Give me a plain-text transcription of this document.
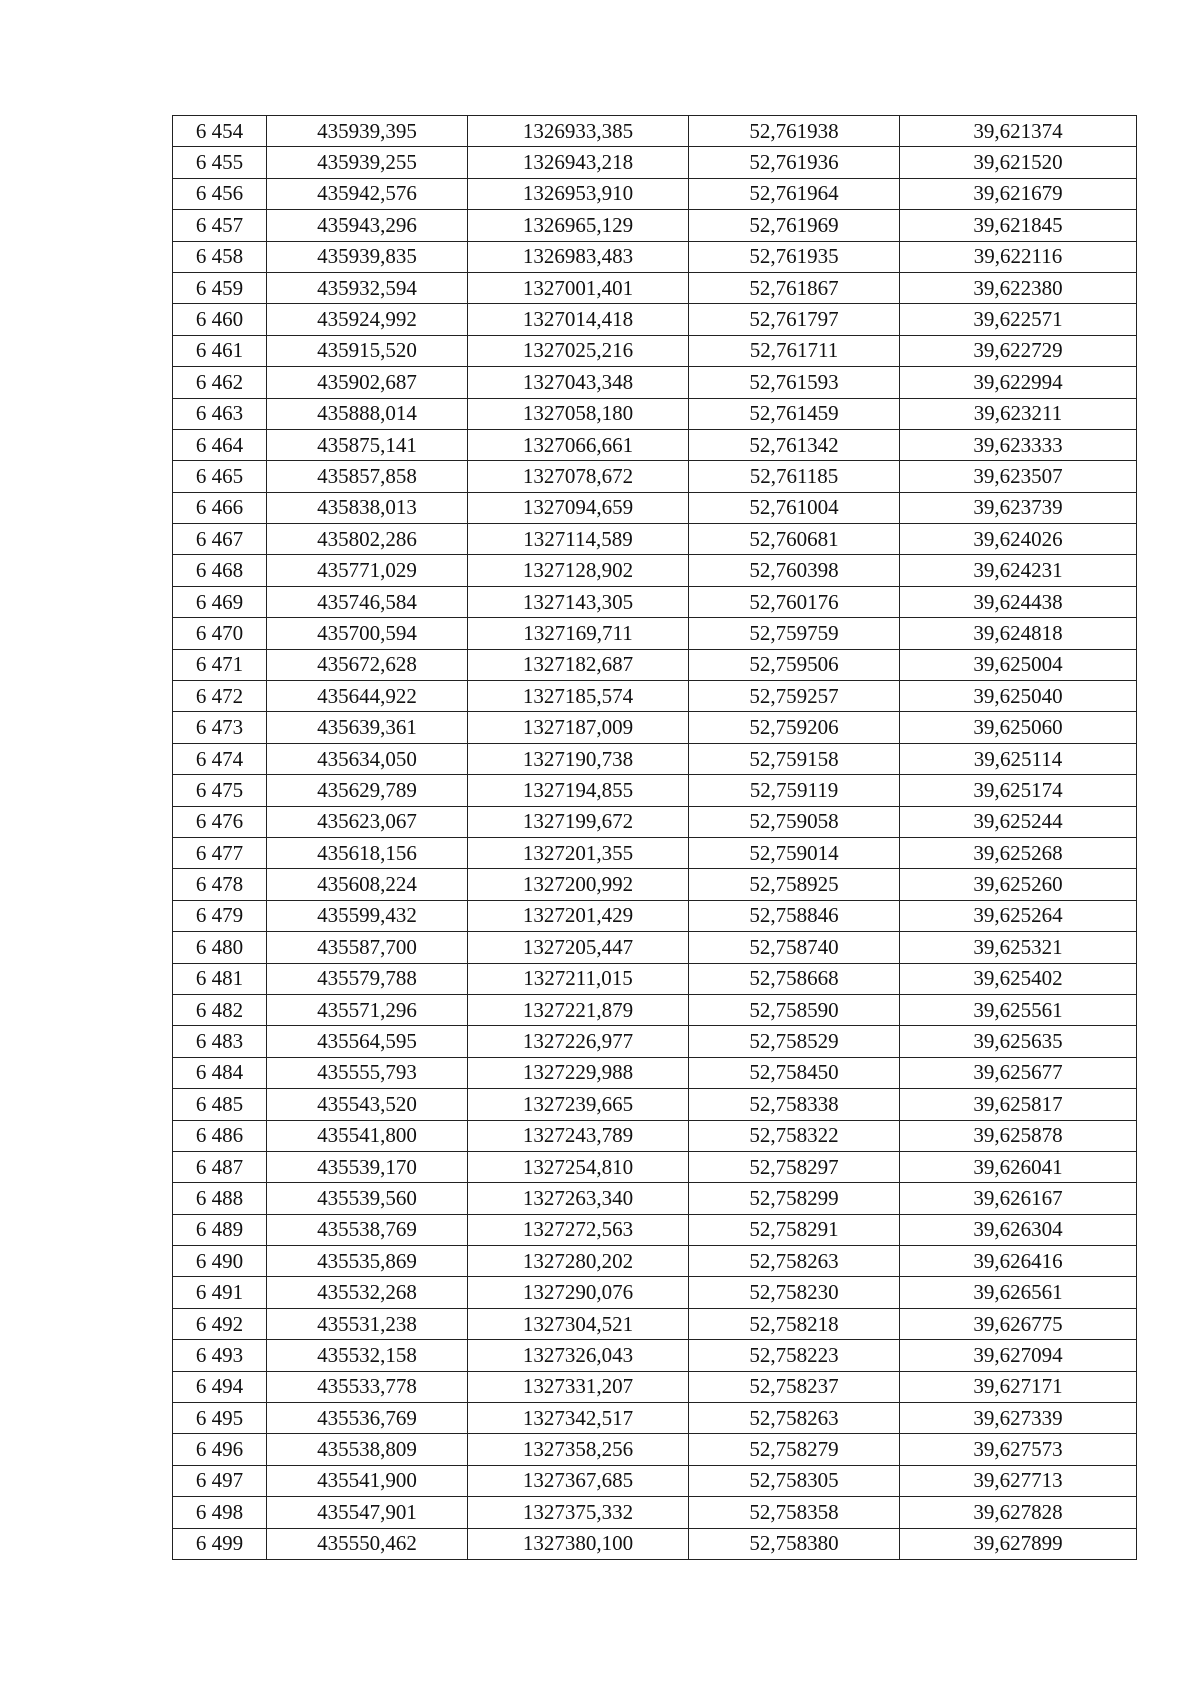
6 454	435939,395	1326933,385	52,761938	39,621374
6 455	435939,255	1326943,218	52,761936	39,621520
6 456	435942,576	1326953,910	52,761964	39,621679
6 457	435943,296	1326965,129	52,761969	39,621845
6 458	435939,835	1326983,483	52,761935	39,622116
6 459	435932,594	1327001,401	52,761867	39,622380
6 460	435924,992	1327014,418	52,761797	39,622571
6 461	435915,520	1327025,216	52,761711	39,622729
6 462	435902,687	1327043,348	52,761593	39,622994
6 463	435888,014	1327058,180	52,761459	39,623211
6 464	435875,141	1327066,661	52,761342	39,623333
6 465	435857,858	1327078,672	52,761185	39,623507
6 466	435838,013	1327094,659	52,761004	39,623739
6 467	435802,286	1327114,589	52,760681	39,624026
6 468	435771,029	1327128,902	52,760398	39,624231
6 469	435746,584	1327143,305	52,760176	39,624438
6 470	435700,594	1327169,711	52,759759	39,624818
6 471	435672,628	1327182,687	52,759506	39,625004
6 472	435644,922	1327185,574	52,759257	39,625040
6 473	435639,361	1327187,009	52,759206	39,625060
6 474	435634,050	1327190,738	52,759158	39,625114
6 475	435629,789	1327194,855	52,759119	39,625174
6 476	435623,067	1327199,672	52,759058	39,625244
6 477	435618,156	1327201,355	52,759014	39,625268
6 478	435608,224	1327200,992	52,758925	39,625260
6 479	435599,432	1327201,429	52,758846	39,625264
6 480	435587,700	1327205,447	52,758740	39,625321
6 481	435579,788	1327211,015	52,758668	39,625402
6 482	435571,296	1327221,879	52,758590	39,625561
6 483	435564,595	1327226,977	52,758529	39,625635
6 484	435555,793	1327229,988	52,758450	39,625677
6 485	435543,520	1327239,665	52,758338	39,625817
6 486	435541,800	1327243,789	52,758322	39,625878
6 487	435539,170	1327254,810	52,758297	39,626041
6 488	435539,560	1327263,340	52,758299	39,626167
6 489	435538,769	1327272,563	52,758291	39,626304
6 490	435535,869	1327280,202	52,758263	39,626416
6 491	435532,268	1327290,076	52,758230	39,626561
6 492	435531,238	1327304,521	52,758218	39,626775
6 493	435532,158	1327326,043	52,758223	39,627094
6 494	435533,778	1327331,207	52,758237	39,627171
6 495	435536,769	1327342,517	52,758263	39,627339
6 496	435538,809	1327358,256	52,758279	39,627573
6 497	435541,900	1327367,685	52,758305	39,627713
6 498	435547,901	1327375,332	52,758358	39,627828
6 499	435550,462	1327380,100	52,758380	39,627899
